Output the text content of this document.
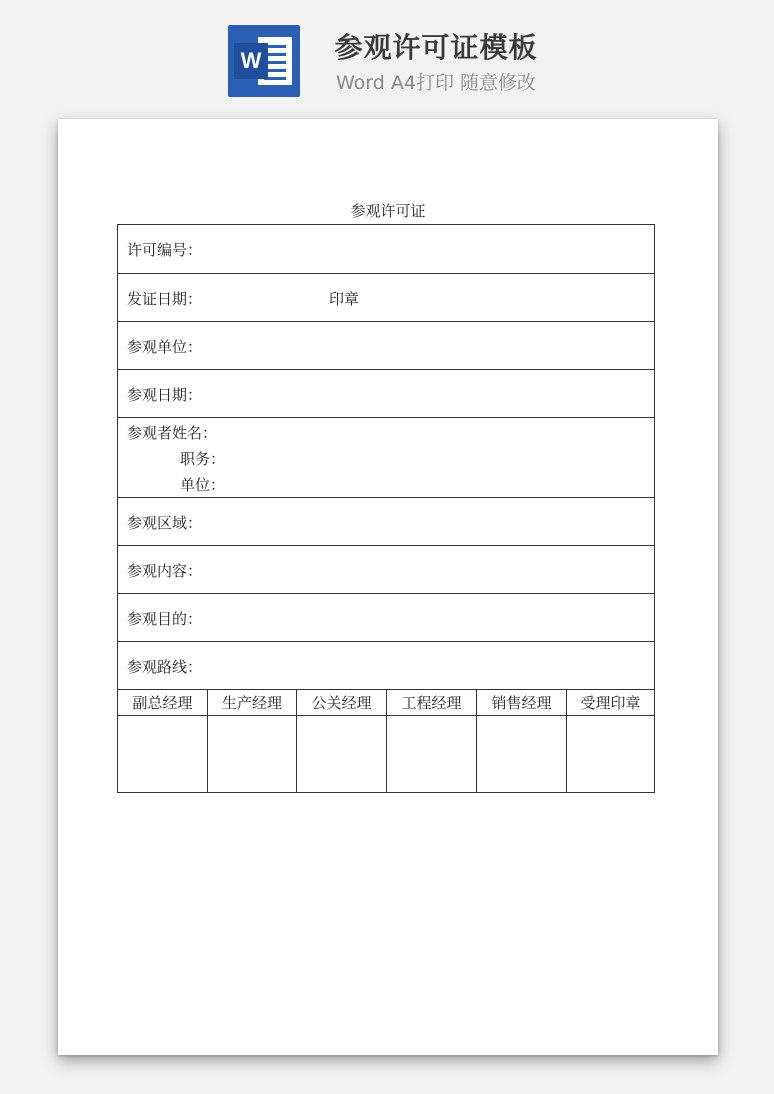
W	参观许可证模板
Word A4打印 随意修改
参观许可证
许可编号：
发证日期：	印章
参观单位：
参观日期：
参观者姓名：
职务：
单位：
参观区域：
参观内容：
参观目的：
参观路线：
副总经理	生产经理	公关经理	工程经理	销售经理	受理印章
